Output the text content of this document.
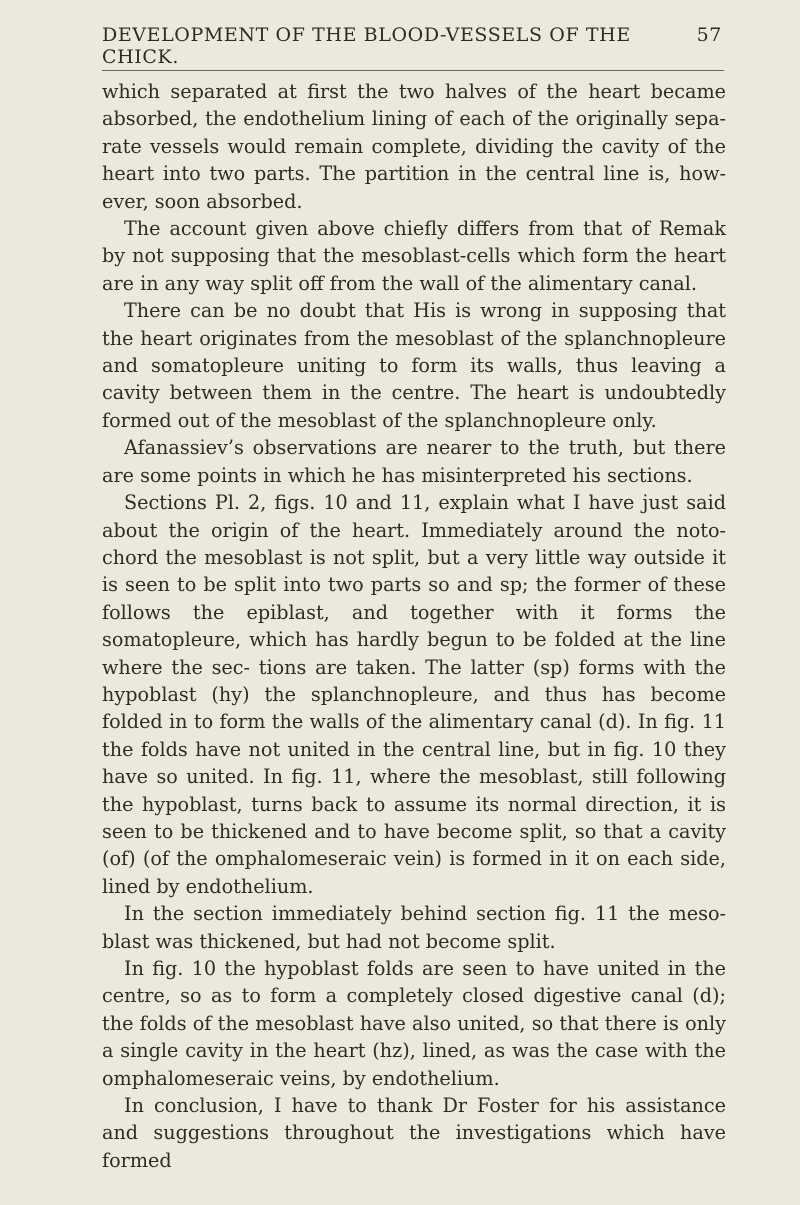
DEVELOPMENT OF THE BLOOD-VESSELS OF THE CHICK.
57

which separated at first the two halves of the heart became absorbed, the endothelium lining of each of the originally sepa- rate vessels would remain complete, dividing the cavity of the heart into two parts. The partition in the central line is, how- ever, soon absorbed.

The account given above chiefly differs from that of Remak by not supposing that the mesoblast-cells which form the heart are in any way split off from the wall of the alimentary canal.

There can be no doubt that His is wrong in supposing that the heart originates from the mesoblast of the splanchnopleure and somatopleure uniting to form its walls, thus leaving a cavity between them in the centre. The heart is undoubtedly formed out of the mesoblast of the splanchnopleure only.

Afanassiev’s observations are nearer to the truth, but there are some points in which he has misinterpreted his sections.

Sections Pl. 2, figs. 10 and 11, explain what I have just said about the origin of the heart. Immediately around the noto- chord the mesoblast is not split, but a very little way outside it is seen to be split into two parts so and sp; the former of these follows the epiblast, and together with it forms the somatopleure, which has hardly begun to be folded at the line where the sec- tions are taken. The latter (sp) forms with the hypoblast (hy) the splanchnopleure, and thus has become folded in to form the walls of the alimentary canal (d). In fig. 11 the folds have not united in the central line, but in fig. 10 they have so united. In fig. 11, where the mesoblast, still following the hypoblast, turns back to assume its normal direction, it is seen to be thickened and to have become split, so that a cavity (of) (of the omphalomeseraic vein) is formed in it on each side, lined by endothelium.

In the section immediately behind section fig. 11 the meso- blast was thickened, but had not become split.

In fig. 10 the hypoblast folds are seen to have united in the centre, so as to form a completely closed digestive canal (d); the folds of the mesoblast have also united, so that there is only a single cavity in the heart (hz), lined, as was the case with the omphalomeseraic veins, by endothelium.

In conclusion, I have to thank Dr Foster for his assistance and suggestions throughout the investigations which have formed
